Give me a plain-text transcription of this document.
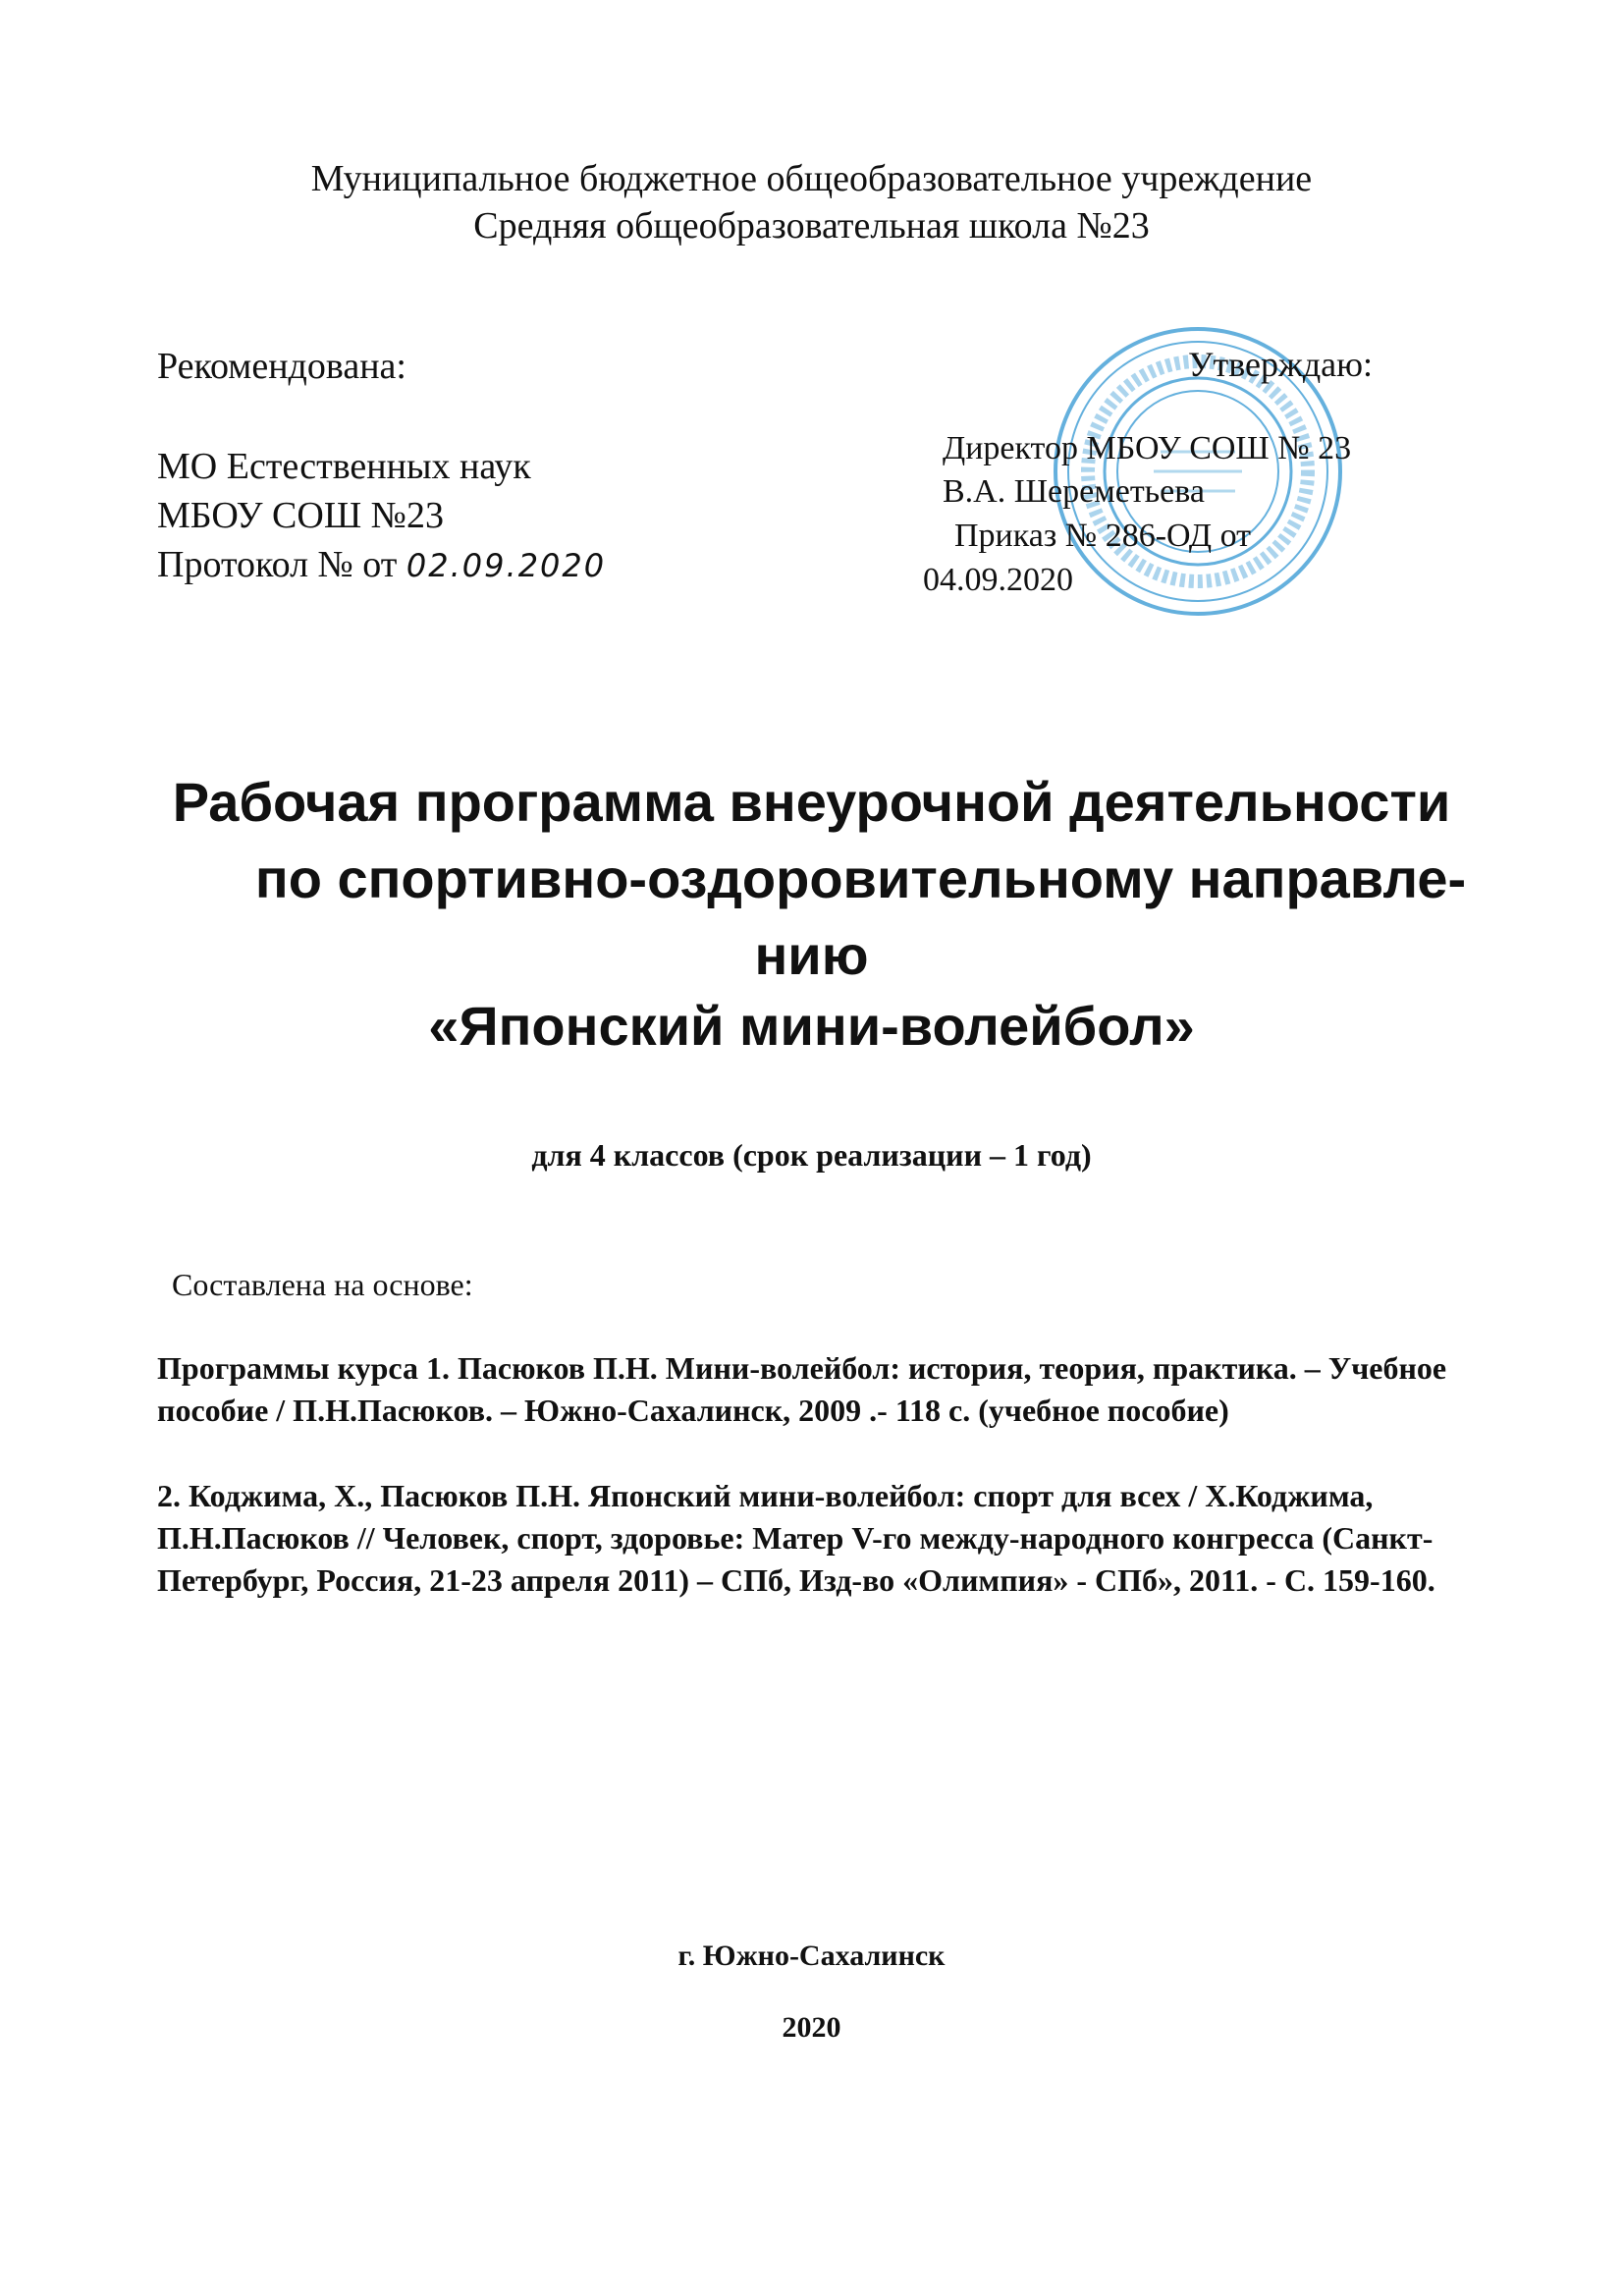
Муниципальное бюджетное общеобразовательное учреждение
Средняя общеобразовательная школа №23
Рекомендована:
МО Естественных наук
МБОУ СОШ №23
Протокол № от 02.09.2020
Утверждаю:
Директор МБОУ СОШ № 23
В.А. Шереметьева
Приказ № 286-ОД от
04.09.2020
Рабочая программа внеурочной деятельности
по спортивно-оздоровительному направле-
нию
«Японский мини-волейбол»
для 4 классов (срок реализации – 1 год)
Составлена на основе:
Программы курса 1. Пасюков П.Н. Мини-волейбол: история, теория, практика. – Учебное пособие / П.Н.Пасюков. – Южно-Сахалинск, 2009 .- 118 с. (учебное пособие)
2. Коджима, Х., Пасюков П.Н. Японский мини-волейбол: спорт для всех / Х.Коджима, П.Н.Пасюков // Человек, спорт, здоровье: Матер V-го между-народного конгресса (Санкт-Петербург, Россия, 21-23 апреля 2011) – СПб, Изд-во «Олимпия» - СПб», 2011. - С. 159-160.
г. Южно-Сахалинск
2020
